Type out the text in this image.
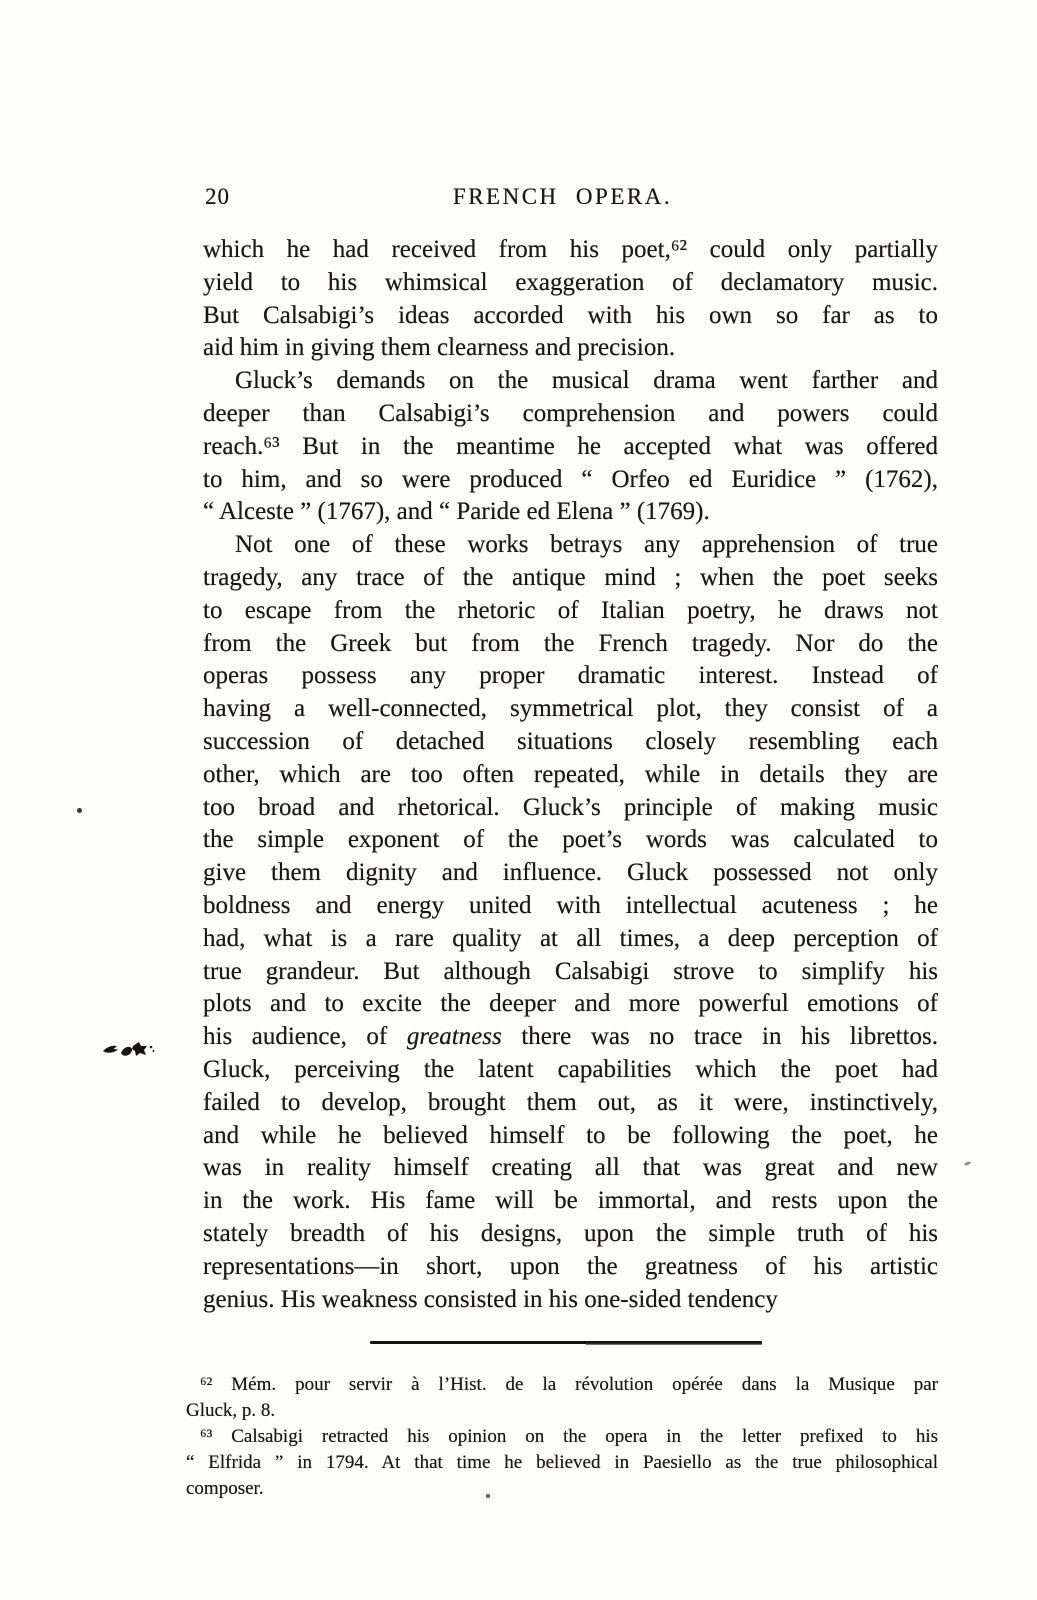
20	FRENCH OPERA.
which he had received from his poet,⁶² could only partially
yield to his whimsical exaggeration of declamatory music.
But Calsabigi’s ideas accorded with his own so far as to
aid him in giving them clearness and precision.
Gluck’s demands on the musical drama went farther and
deeper than Calsabigi’s comprehension and powers could
reach.⁶³ But in the meantime he accepted what was offered
to him, and so were produced “ Orfeo ed Euridice ” (1762),
“ Alceste ” (1767), and “ Paride ed Elena ” (1769).
Not one of these works betrays any apprehension of true
tragedy, any trace of the antique mind ; when the poet seeks
to escape from the rhetoric of Italian poetry, he draws not
from the Greek but from the French tragedy. Nor do the
operas possess any proper dramatic interest. Instead of
having a well-connected, symmetrical plot, they consist of a
succession of detached situations closely resembling each
other, which are too often repeated, while in details they are
too broad and rhetorical. Gluck’s principle of making music
the simple exponent of the poet’s words was calculated to
give them dignity and influence. Gluck possessed not only
boldness and energy united with intellectual acuteness ; he
had, what is a rare quality at all times, a deep perception of
true grandeur. But although Calsabigi strove to simplify his
plots and to excite the deeper and more powerful emotions of
his audience, of greatness there was no trace in his librettos.
Gluck, perceiving the latent capabilities which the poet had
failed to develop, brought them out, as it were, instinctively,
and while he believed himself to be following the poet, he
was in reality himself creating all that was great and new
in the work. His fame will be immortal, and rests upon the
stately breadth of his designs, upon the simple truth of his
representations—in short, upon the greatness of his artistic
genius. His weakness consisted in his one-sided tendency
⁶² Mém. pour servir à l’Hist. de la révolution opérée dans la Musique par
Gluck, p. 8.
⁶³ Calsabigi retracted his opinion on the opera in the letter prefixed to his
“ Elfrida ” in 1794. At that time he believed in Paesiello as the true philosophical
composer.
